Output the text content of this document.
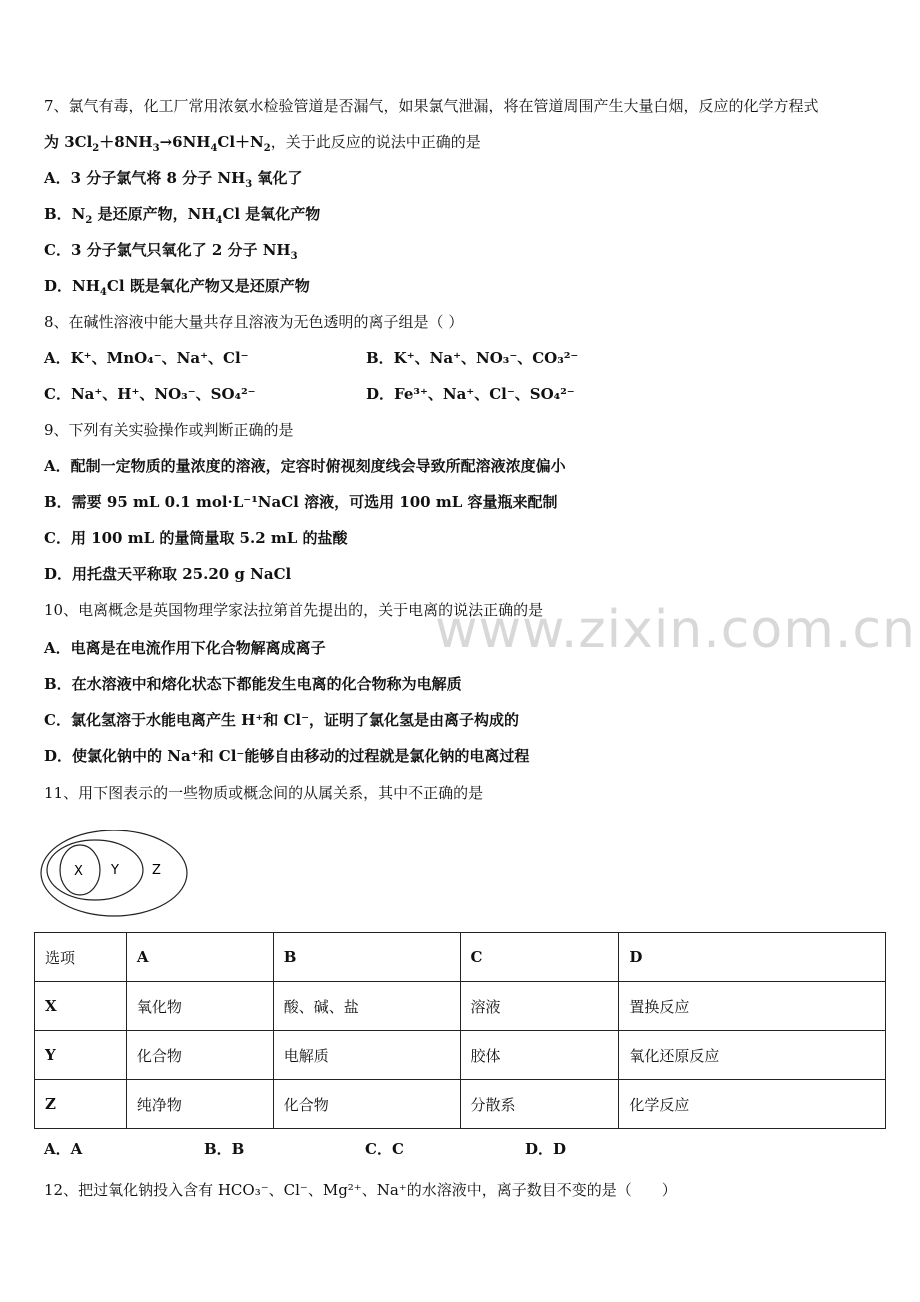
www.zixin.com.cn
7、氯气有毒，化工厂常用浓氨水检验管道是否漏气，如果氯气泄漏，将在管道周围产生大量白烟，反应的化学方程式
为 $3Cl_2+8NH_3\to 6NH_4Cl+N_2$，关于此反应的说法中正确的是
A．3 分子氯气将 8 分子 $NH_3$ 氧化了
B．$N_2$ 是还原产物，$NH_4Cl$ 是氧化产物
C．3 分子氯气只氧化了 2 分子 $NH_3$
D．$NH_4Cl$ 既是氧化产物又是还原产物
8、在碱性溶液中能大量共存且溶液为无色透明的离子组是（ ）
A．K⁺、MnO₄⁻、Na⁺、Cl⁻	B．K⁺、Na⁺、NO₃⁻、CO₃²⁻
C．Na⁺、H⁺、NO₃⁻、SO₄²⁻	D．Fe³⁺、Na⁺、Cl⁻、SO₄²⁻
9、下列有关实验操作或判断正确的是
A．配制一定物质的量浓度的溶液，定容时俯视刻度线会导致所配溶液浓度偏小
B．需要 95 mL 0.1 mol·L⁻¹NaCl 溶液，可选用 100 mL 容量瓶来配制
C．用 100 mL 的量筒量取 5.2 mL 的盐酸
D．用托盘天平称取 25.20 g NaCl
10、电离概念是英国物理学家法拉第首先提出的，关于电离的说法正确的是
A．电离是在电流作用下化合物解离成离子
B．在水溶液中和熔化状态下都能发生电离的化合物称为电解质
C．氯化氢溶于水能电离产生 H⁺和 Cl⁻，证明了氯化氢是由离子构成的
D．使氯化钠中的 Na⁺和 Cl⁻能够自由移动的过程就是氯化钠的电离过程
11、用下图表示的一些物质或概念间的从属关系，其中不正确的是
X Y	Z
选项	A	B	C	D
X	氧化物	酸、碱、盐	溶液	置换反应
Y	化合物	电解质	胶体	氧化还原反应
Z	纯净物	化合物	分散系	化学反应
A．A	B．B	C．C	D．D
12、把过氧化钠投入含有 HCO₃⁻、Cl⁻、Mg²⁺、Na⁺的水溶液中，离子数目不变的是（　　）
